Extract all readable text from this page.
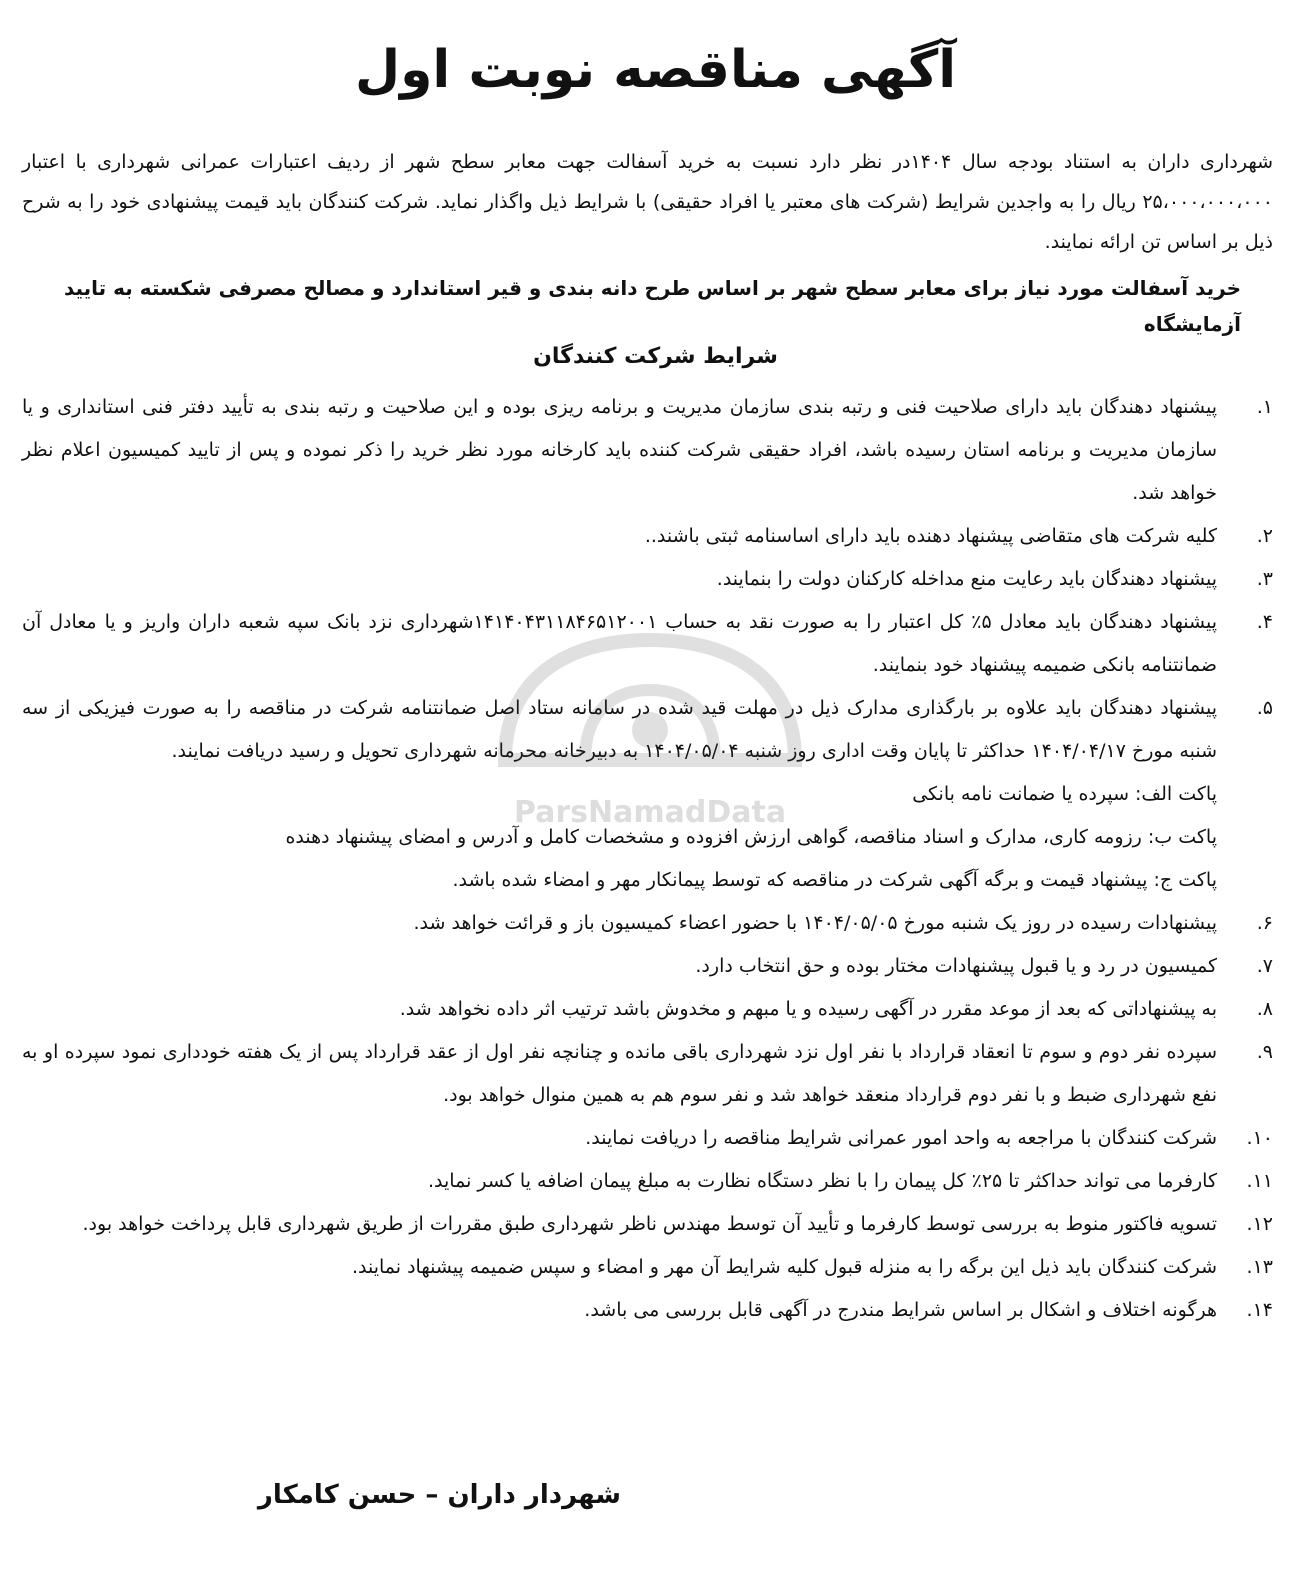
آگهی مناقصه نوبت اول

شهرداری داران به استناد بودجه سال ۱۴۰۴در نظر دارد نسبت به خرید آسفالت جهت معابر سطح شهر از ردیف اعتبارات عمرانی شهرداری با اعتبار ۲۵،۰۰۰،۰۰۰،۰۰۰ ریال را به واجدین شرایط (شرکت های معتبر یا افراد حقیقی) با شرایط ذیل واگذار نماید. شرکت کنندگان باید قیمت پیشنهادی خود را به شرح ذیل بر اساس تن ارائه نمایند.

خرید آسفالت مورد نیاز برای معابر سطح شهر بر اساس طرح دانه بندی و قیر استاندارد و مصالح مصرفی شکسته به تایید آزمایشگاه

شرایط شرکت کنندگان
۱.
پیشنهاد دهندگان باید دارای صلاحیت فنی و رتبه بندی سازمان مدیریت و برنامه ریزی بوده و این صلاحیت و رتبه بندی به تأیید دفتر فنی استانداری و یا سازمان مدیریت و برنامه استان رسیده باشد، افراد حقیقی شرکت کننده باید کارخانه مورد نظر خرید را ذکر نموده و پس از تایید کمیسیون اعلام نظر خواهد شد.
۲.
کلیه شرکت های متقاضی پیشنهاد دهنده باید دارای اساسنامه ثبتی باشند..
۳.
پیشنهاد دهندگان باید رعایت منع مداخله کارکنان دولت را بنمایند.
۴.
پیشنهاد دهندگان باید معادل ۵٪ کل اعتبار را به صورت نقد به حساب ۱۴۱۴۰۴۳۱۱۸۴۶۵۱۲۰۰۱شهرداری نزد بانک سپه شعبه داران واریز و یا معادل آن ضمانتنامه بانکی ضمیمه پیشنهاد خود بنمایند.
۵.
پیشنهاد دهندگان باید علاوه بر بارگذاری مدارک ذیل در مهلت قید شده در سامانه ستاد اصل ضمانتنامه شرکت در مناقصه را به صورت فیزیکی از سه شنبه مورخ ۱۴۰۴/۰۴/۱۷ حداکثر تا پایان وقت اداری روز شنبه ۱۴۰۴/۰۵/۰۴ به دبیرخانه محرمانه شهرداری تحویل و رسید دریافت نمایند.
پاکت الف: سپرده یا ضمانت نامه بانکی
پاکت ب: رزومه کاری، مدارک و اسناد مناقصه، گواهی ارزش افزوده و مشخصات کامل و آدرس و امضای پیشنهاد دهنده
پاکت ج: پیشنهاد قیمت و برگه آگهی شرکت در مناقصه که توسط پیمانکار مهر و امضاء شده باشد.
۶.
پیشنهادات رسیده در روز یک شنبه مورخ ۱۴۰۴/۰۵/۰۵ با حضور اعضاء کمیسیون باز و قرائت خواهد شد.
۷.
کمیسیون در رد و یا قبول پیشنهادات مختار بوده و حق انتخاب دارد.
۸.
به پیشنهاداتی که بعد از موعد مقرر در آگهی رسیده و یا مبهم و مخدوش باشد ترتیب اثر داده نخواهد شد.
۹.
سپرده نفر دوم و سوم تا انعقاد قرارداد با نفر اول نزد شهرداری باقی مانده و چنانچه نفر اول از عقد قرارداد پس از یک هفته خودداری نمود سپرده او به نفع شهرداری ضبط و با نفر دوم قرارداد منعقد خواهد شد و نفر سوم هم به همین منوال خواهد بود.
۱۰.
شرکت کنندگان با مراجعه به واحد امور عمرانی شرایط مناقصه را دریافت نمایند.
۱۱.
کارفرما می تواند حداکثر تا ۲۵٪ کل پیمان را با نظر دستگاه نظارت به مبلغ پیمان اضافه یا کسر نماید.
۱۲.
تسویه فاکتور منوط به بررسی توسط کارفرما و تأیید آن توسط مهندس ناظر شهرداری طبق مقررات از طریق شهرداری قابل پرداخت خواهد بود.
۱۳.
شرکت کنندگان باید ذیل این برگه را به منزله قبول کلیه شرایط آن مهر و امضاء و سپس ضمیمه پیشنهاد نمایند.
۱۴.
هرگونه اختلاف و اشکال بر اساس شرایط مندرج در آگهی قابل بررسی می باشد.

شهردار داران – حسن کامکار

ParsNamadData
